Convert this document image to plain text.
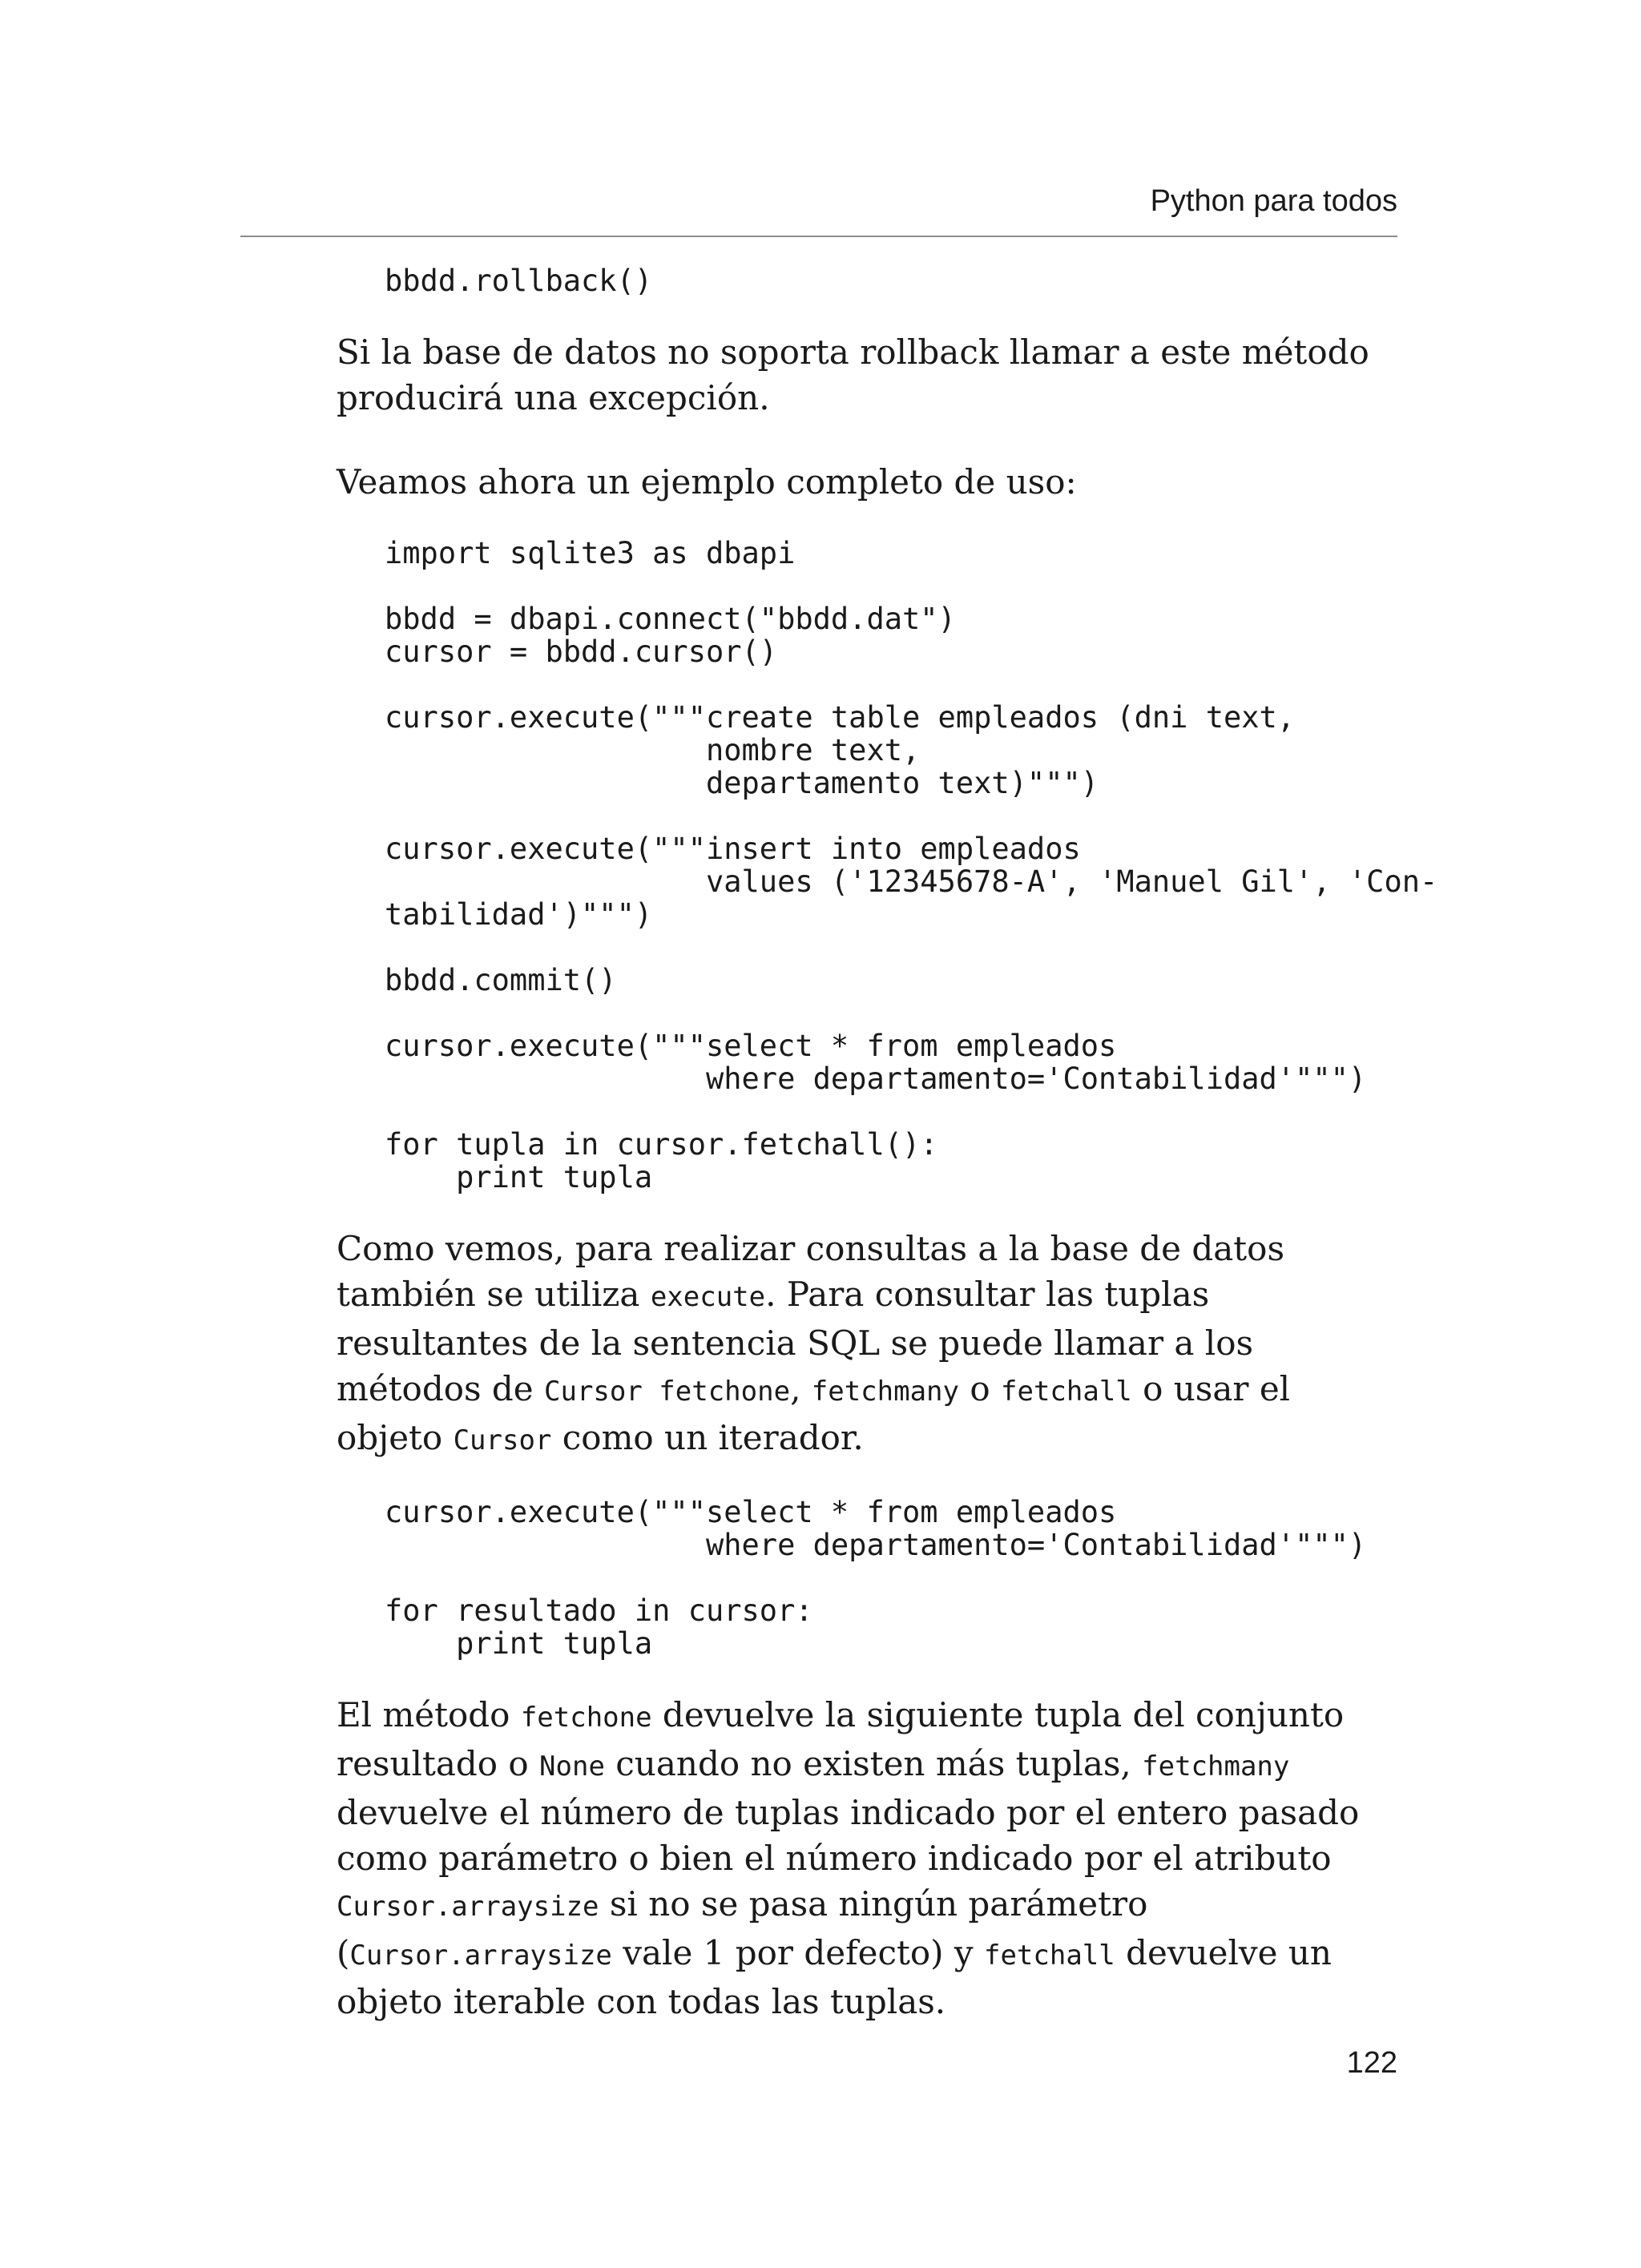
Python para todos
bbdd.rollback()

Si la base de datos no soporta rollback llamar a este método producirá una excepción.

Veamos ahora un ejemplo completo de uso:

import sqlite3 as dbapi

bbdd = dbapi.connect("bbdd.dat")
cursor = bbdd.cursor()

cursor.execute("""create table empleados (dni text,
nombre text,
departamento text)""")

cursor.execute("""insert into empleados
values ('12345678-A', 'Manuel Gil', 'Con-
tabilidad')""")

bbdd.commit()

cursor.execute("""select * from empleados
where departamento='Contabilidad'""")

for tupla in cursor.fetchall():
print tupla

Como vemos, para realizar consultas a la base de datos también se utiliza execute. Para consultar las tuplas resultantes de la sentencia SQL se puede llamar a los métodos de Cursor fetchone, fetchmany o fetchall o usar el objeto Cursor como un iterador.

cursor.execute("""select * from empleados
where departamento='Contabilidad'""")

for resultado in cursor:
print tupla

El método fetchone devuelve la siguiente tupla del conjunto resultado o None cuando no existen más tuplas, fetchmany devuelve el número de tuplas indicado por el entero pasado como parámetro o bien el número indicado por el atributo Cursor.arraysize si no se pasa ningún parámetro (Cursor.arraysize vale 1 por defecto) y fetchall devuelve un objeto iterable con todas las tuplas.

122
